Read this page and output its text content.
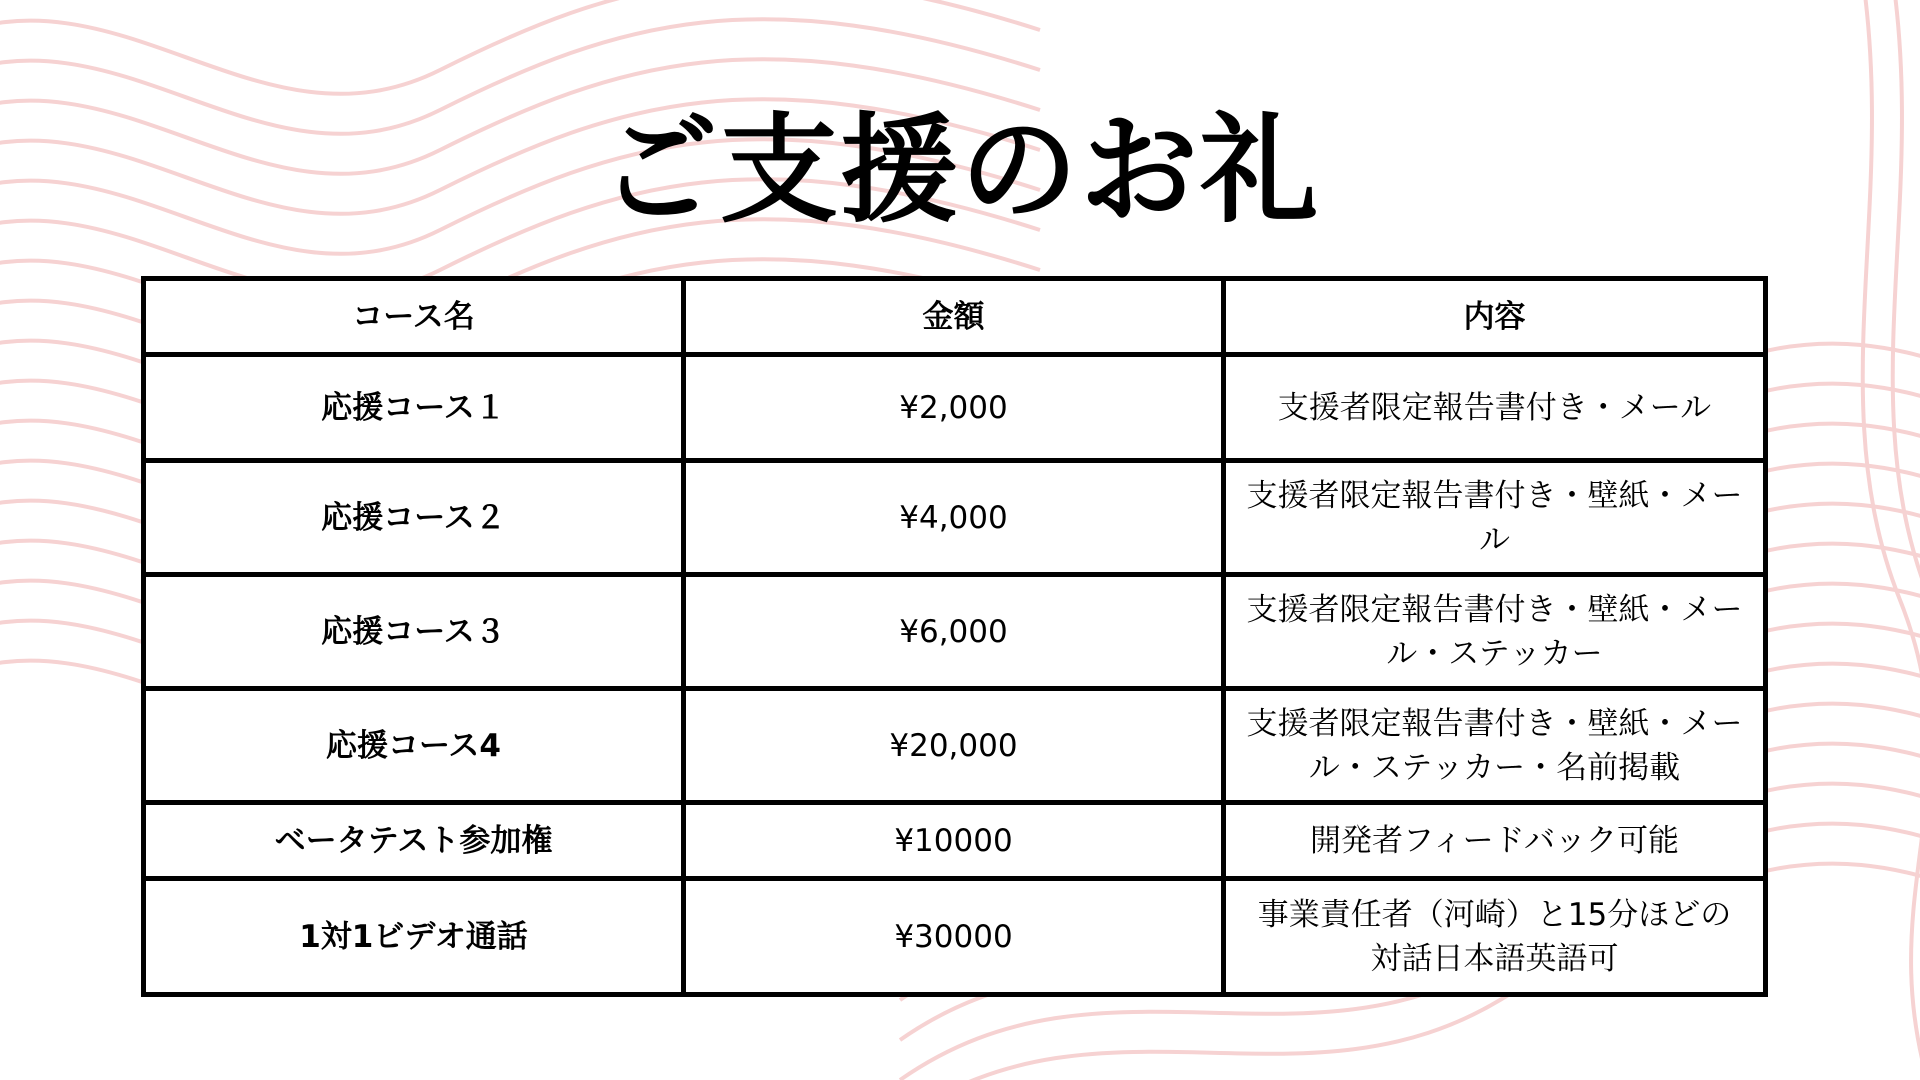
ご支援のお礼
コース名	金額	内容
応援コース１	¥2,000	支援者限定報告書付き・メール
応援コース２	¥4,000	支援者限定報告書付き・壁紙・メール
応援コース３	¥6,000	支援者限定報告書付き・壁紙・メール・ステッカー
応援コース4	¥20,000	支援者限定報告書付き・壁紙・メール・ステッカー・名前掲載
ベータテスト参加権	¥10000	開発者フィードバック可能
1対1ビデオ通話	¥30000	事業責任者（河崎）と15分ほどの対話日本語英語可
